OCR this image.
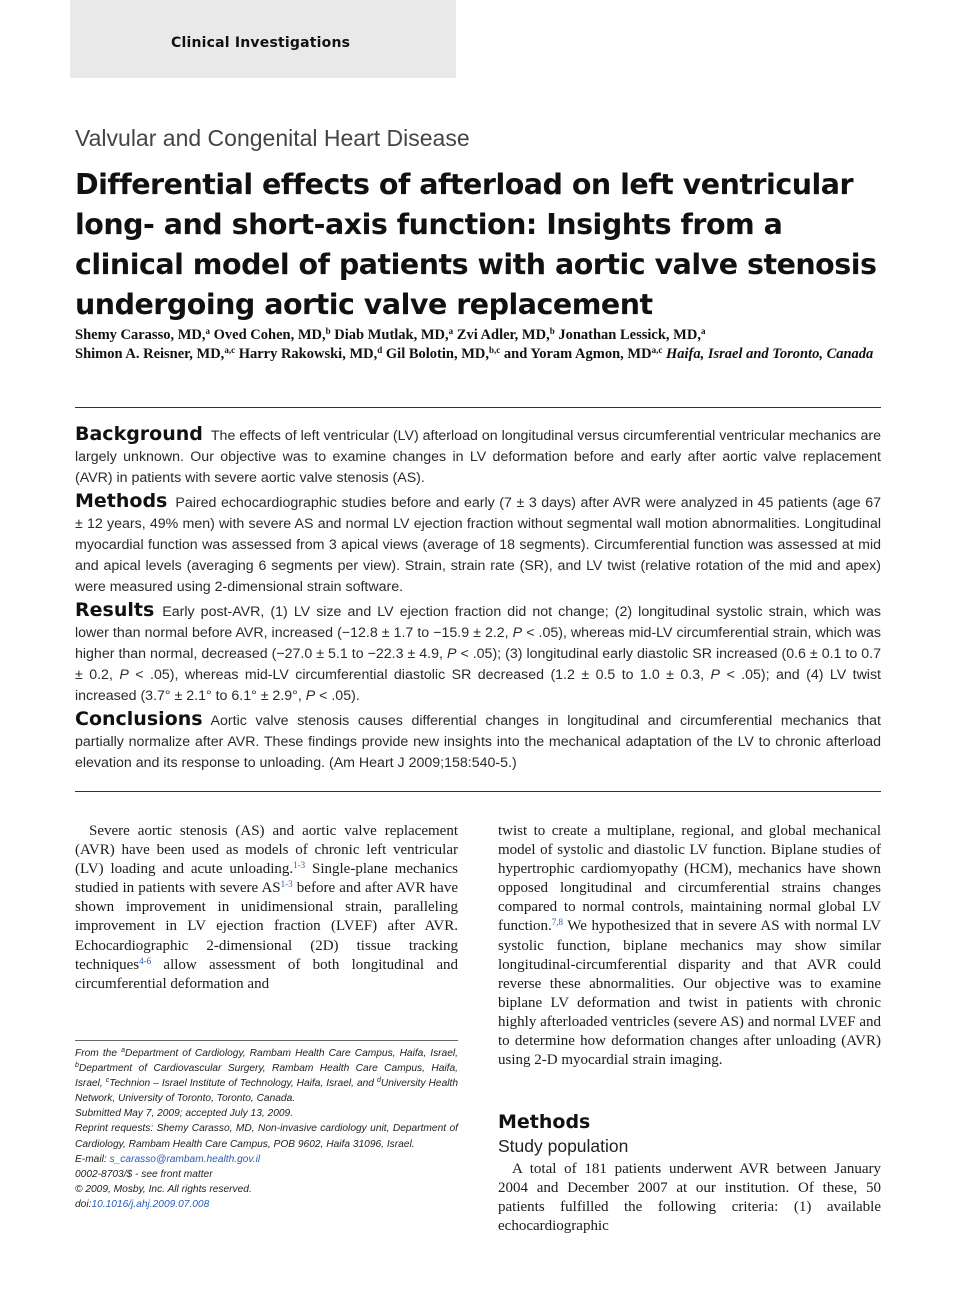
Clinical Investigations
Valvular and Congenital Heart Disease
Differential effects of afterload on left ventricular long- and short-axis function: Insights from a clinical model of patients with aortic valve stenosis undergoing aortic valve replacement

Shemy Carasso, MD,$^a$ Oved Cohen, MD,$^b$ Diab Mutlak, MD,$^a$ Zvi Adler, MD,$^b$ Jonathan Lessick, MD,$^a$
Shimon A. Reisner, MD,$^{a,c}$ Harry Rakowski, MD,$^d$ Gil Bolotin, MD,$^{b,c}$ and Yoram Agmon, MD$^{a,c}$ Haifa, Israel and Toronto, Canada

Background The effects of left ventricular (LV) afterload on longitudinal versus circumferential ventricular mechanics are largely unknown. Our objective was to examine changes in LV deformation before and early after aortic valve replacement (AVR) in patients with severe aortic valve stenosis (AS).

Methods Paired echocardiographic studies before and early (7 ± 3 days) after AVR were analyzed in 45 patients (age 67 ± 12 years, 49% men) with severe AS and normal LV ejection fraction without segmental wall motion abnormalities. Longitudinal myocardial function was assessed from 3 apical views (average of 18 segments). Circumferential function was assessed at mid and apical levels (averaging 6 segments per view). Strain, strain rate (SR), and LV twist (relative rotation of the mid and apex) were measured using 2-dimensional strain software.

Results Early post-AVR, (1) LV size and LV ejection fraction did not change; (2) longitudinal systolic strain, which was lower than normal before AVR, increased (−12.8 ± 1.7 to −15.9 ± 2.2, P < .05), whereas mid-LV circumferential strain, which was higher than normal, decreased (−27.0 ± 5.1 to −22.3 ± 4.9, P < .05); (3) longitudinal early diastolic SR increased (0.6 ± 0.1 to 0.7 ± 0.2, P < .05), whereas mid-LV circumferential diastolic SR decreased (1.2 ± 0.5 to 1.0 ± 0.3, P < .05); and (4) LV twist increased (3.7° ± 2.1° to 6.1° ± 2.9°, P < .05).

Conclusions Aortic valve stenosis causes differential changes in longitudinal and circumferential mechanics that partially normalize after AVR. These findings provide new insights into the mechanical adaptation of the LV to chronic afterload elevation and its response to unloading. (Am Heart J 2009;158:540-5.)

Severe aortic stenosis (AS) and aortic valve replacement (AVR) have been used as models of chronic left ventricular (LV) loading and acute unloading.$^{1-3}$ Single-plane mechanics studied in patients with severe AS$^{1-3}$ before and after AVR have shown improvement in unidimensional strain, paralleling improvement in LV ejection fraction (LVEF) after AVR. Echocardiographic 2-dimensional (2D) tissue tracking techniques$^{4-6}$ allow assessment of both longitudinal and circumferential deformation and

From the $^a$Department of Cardiology, Rambam Health Care Campus, Haifa, Israel, $^b$Department of Cardiovascular Surgery, Rambam Health Care Campus, Haifa, Israel, $^c$Technion – Israel Institute of Technology, Haifa, Israel, and $^d$University Health Network, University of Toronto, Toronto, Canada.

Submitted May 7, 2009; accepted July 13, 2009.

Reprint requests: Shemy Carasso, MD, Non-invasive cardiology unit, Department of Cardiology, Rambam Health Care Campus, POB 9602, Haifa 31096, Israel.

E-mail: s_carasso@rambam.health.gov.il

0002-8703/$ - see front matter

© 2009, Mosby, Inc. All rights reserved.

doi:10.1016/j.ahj.2009.07.008

twist to create a multiplane, regional, and global mechanical model of systolic and diastolic LV function. Biplane studies of hypertrophic cardiomyopathy (HCM), mechanics have shown opposed longitudinal and circumferential strains changes compared to normal controls, maintaining normal global LV function.$^{7,8}$ We hypothesized that in severe AS with normal LV systolic function, biplane mechanics may show similar longitudinal-circumferential disparity and that AVR could reverse these abnormalities. Our objective was to examine biplane LV deformation and twist in patients with chronic highly afterloaded ventricles (severe AS) and normal LVEF and to determine how deformation changes after unloading (AVR) using 2-D myocardial strain imaging.

Methods
Study population

A total of 181 patients underwent AVR between January 2004 and December 2007 at our institution. Of these, 50 patients fulfilled the following criteria: (1) available echocardiographic
